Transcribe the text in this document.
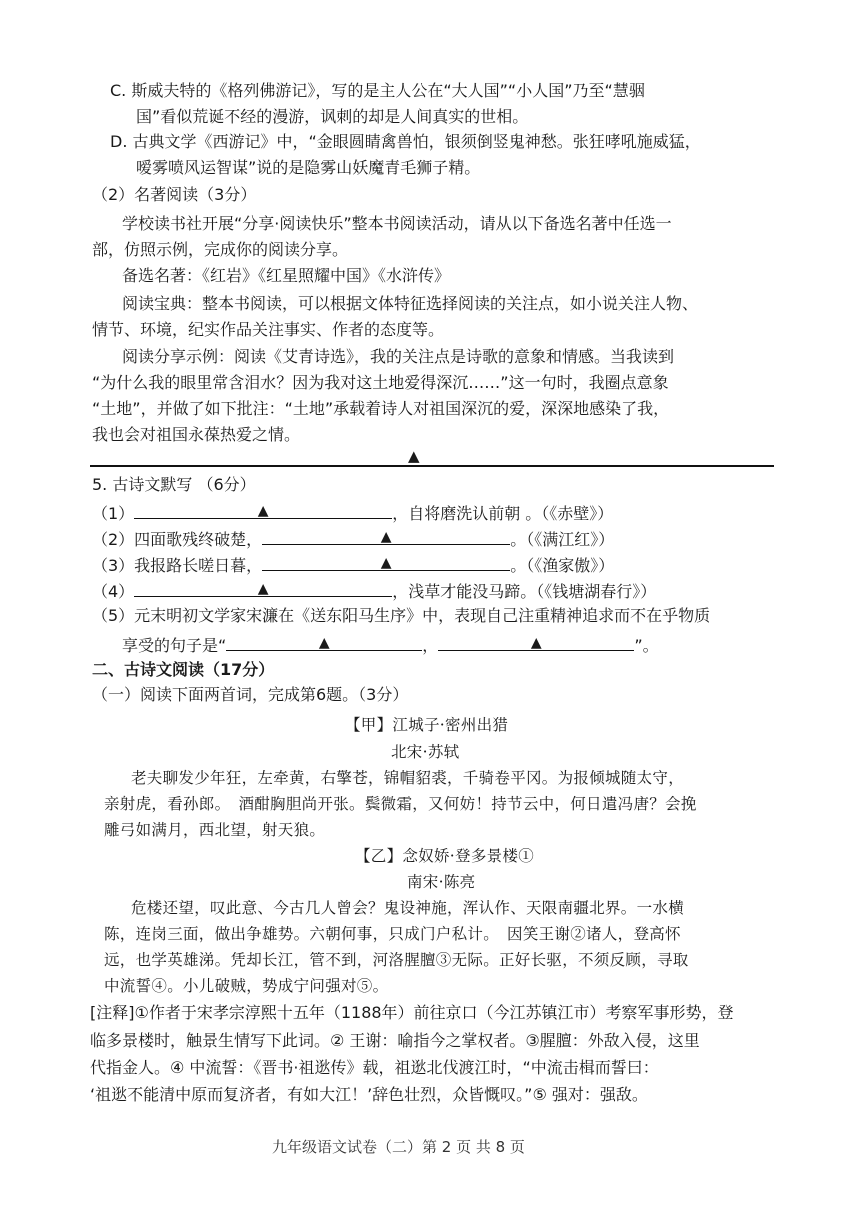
C. 斯威夫特的《格列佛游记》，写的是主人公在“大人国”“小人国”乃至“慧骃
国”看似荒诞不经的漫游，讽刺的却是人间真实的世相。
D. 古典文学《西游记》中，“金眼圆睛禽兽怕，银须倒竖鬼神愁。张狂哮吼施威猛，
嗳雾喷风运智谋”说的是隐雾山妖魔青毛狮子精。
（2）名著阅读（3分）
学校读书社开展“分享·阅读快乐”整本书阅读活动，请从以下备选名著中任选一
部，仿照示例，完成你的阅读分享。
备选名著：《红岩》《红星照耀中国》《水浒传》
阅读宝典：整本书阅读，可以根据文体特征选择阅读的关注点，如小说关注人物、
情节、环境，纪实作品关注事实、作者的态度等。
阅读分享示例：阅读《艾青诗选》，我的关注点是诗歌的意象和情感。当我读到
“为什么我的眼里常含泪水？因为我对这土地爱得深沉……”这一句时，我圈点意象
“土地”，并做了如下批注：“土地”承载着诗人对祖国深沉的爱，深深地感染了我，
我也会对祖国永葆热爱之情。
▲
5. 古诗文默写 （6分）
（1）	▲	，自将磨洗认前朝 。（《赤壁》）
（2）四面歌残终破楚，	▲	。（《满江红》）
（3）我报路长嗟日暮，	▲	。（《渔家傲》）
（4）	▲	，浅草才能没马蹄。（《钱塘湖春行》）
（5）元末明初文学家宋濂在《送东阳马生序》中，表现自己注重精神追求而不在乎物质
享受的句子是“	▲	，	▲	”。
二、古诗文阅读（17分）
（一）阅读下面两首词，完成第6题。（3分）
【甲】江城子·密州出猎
北宋·苏轼
老夫聊发少年狂，左牵黄，右擎苍，锦帽貂裘，千骑卷平冈。为报倾城随太守，
亲射虎，看孙郎。　酒酣胸胆尚开张。鬓微霜，又何妨！持节云中，何日遣冯唐？会挽
雕弓如满月，西北望，射天狼。
【乙】念奴娇·登多景楼①
南宋·陈亮
危楼还望，叹此意、今古几人曾会？鬼设神施，浑认作、天限南疆北界。一水横
陈，连岗三面，做出争雄势。六朝何事，只成门户私计。　因笑王谢②诸人，登高怀
远，也学英雄涕。凭却长江，管不到，河洛腥膻③无际。正好长驱，不须反顾，寻取
中流誓④。小儿破贼，势成宁问强对⑤。
[注释]①作者于宋孝宗淳熙十五年（1188年）前往京口（今江苏镇江市）考察军事形势，登
临多景楼时，触景生情写下此词。② 王谢：喻指今之掌权者。③腥膻：外敌入侵，这里
代指金人。④ 中流誓：《晋书·祖逖传》载，祖逖北伐渡江时，“中流击楫而誓曰：
‘祖逖不能清中原而复济者，有如大江！’辞色壮烈，众皆慨叹。”⑤ 强对：强敌。
九年级语文试卷（二）第 2 页 共 8 页
